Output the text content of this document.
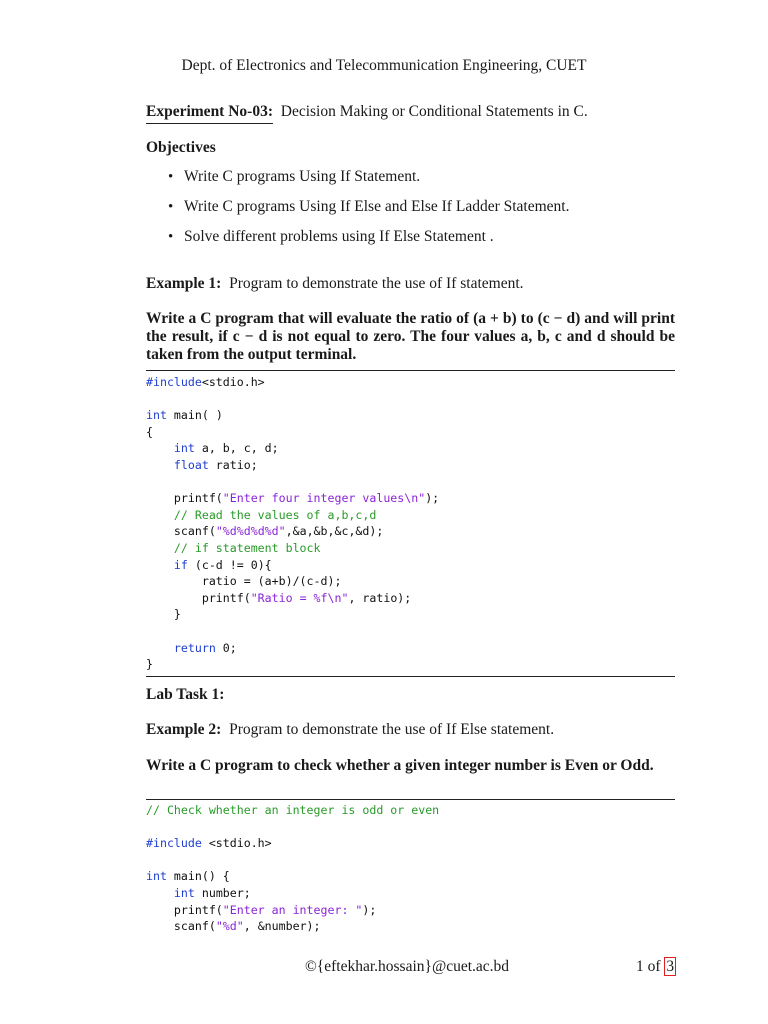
Dept. of Electronics and Telecommunication Engineering, CUET
Experiment No-03: Decision Making or Conditional Statements in C.
Objectives
• Write C programs Using If Statement.
• Write C programs Using If Else and Else If Ladder Statement.
• Solve different problems using If Else Statement .
Example 1: Program to demonstrate the use of If statement.
Write a C program that will evaluate the ratio of (a + b) to (c − d) and will print the result, if c − d is not equal to zero. The four values a, b, c and d should be taken from the output terminal.
#include<stdio.h>

int main( )
{
int a, b, c, d;
float ratio;

printf("Enter four integer values\n");
// Read the values of a,b,c,d
scanf("%d%d%d%d",&a,&b,&c,&d);
// if statement block
if (c-d != 0){
ratio = (a+b)/(c-d);
printf("Ratio = %f\n", ratio);
}

return 0;
}
Lab Task 1:
Example 2: Program to demonstrate the use of If Else statement.
Write a C program to check whether a given integer number is Even or Odd.
// Check whether an integer is odd or even

#include <stdio.h>

int main() {
int number;
printf("Enter an integer: ");
scanf("%d", &number);
©{eftekhar.hossain}@cuet.ac.bd	1 of 3
